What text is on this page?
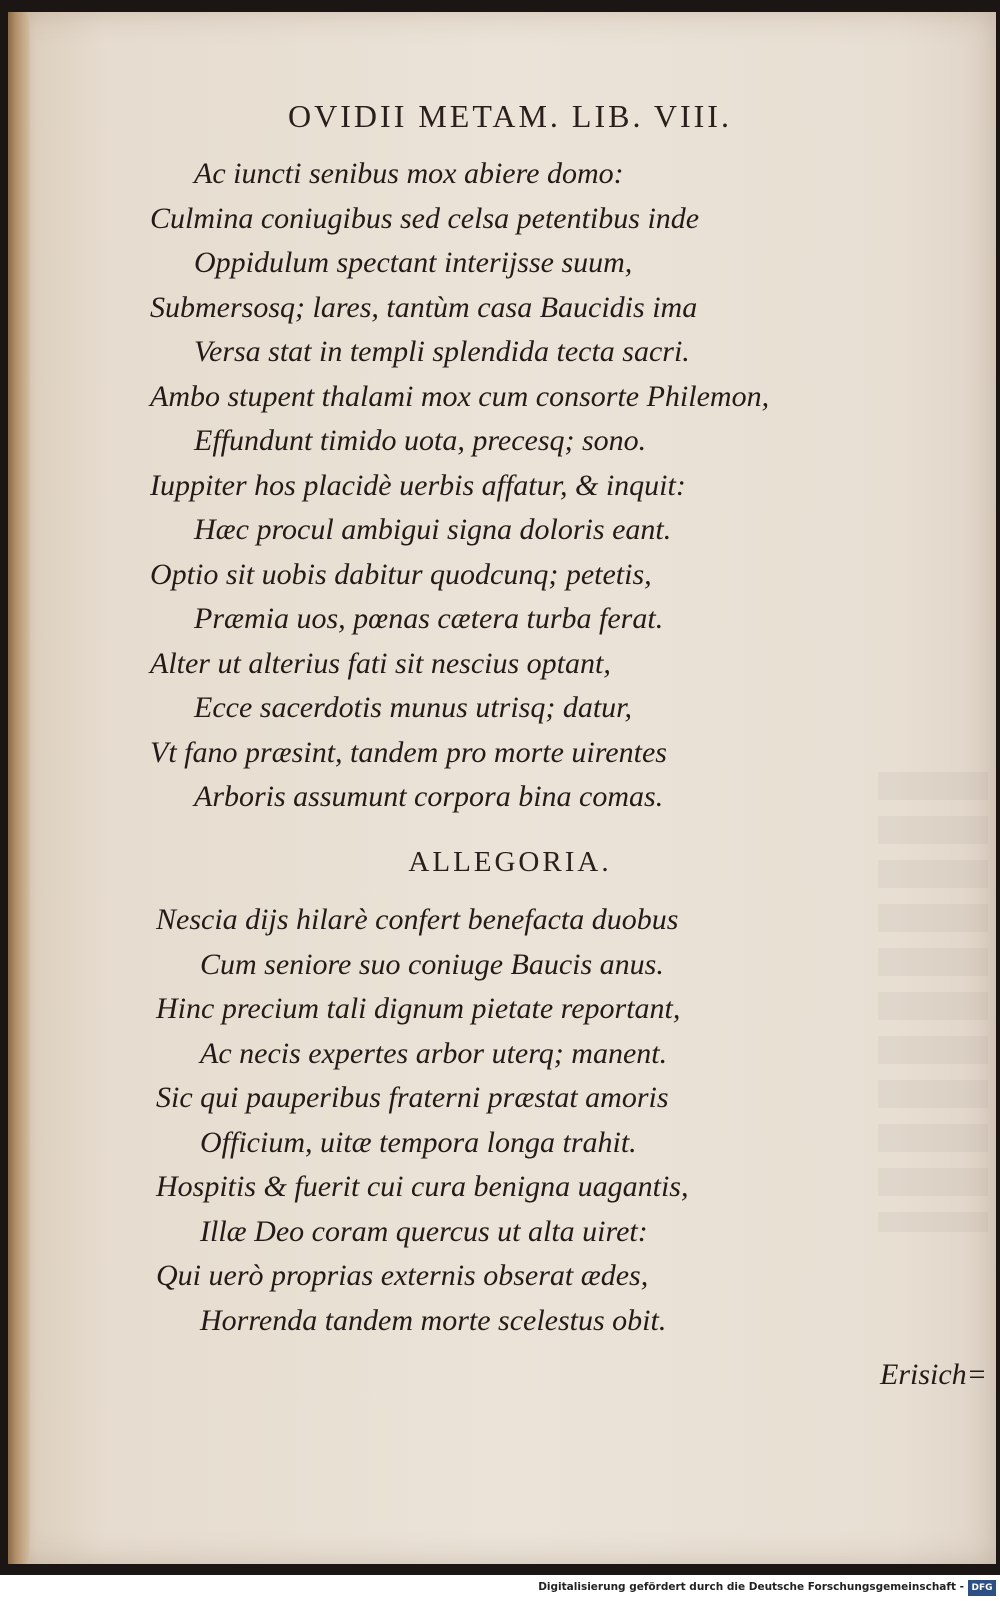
OVIDII METAM. LIB. VIII.
Ac iuncti senibus mox abiere domo:
Culmina coniugibus sed celsa petentibus inde
Oppidulum spectant interijsse suum,
Submersosq; lares, tantùm casa Baucidis ima
Versa stat in templi splendida tecta sacri.
Ambo stupent thalami mox cum consorte Philemon,
Effundunt timido uota, precesq; sono.
Iuppiter hos placidè uerbis affatur, & inquit:
Hæc procul ambigui signa doloris eant.
Optio sit uobis dabitur quodcunq; petetis,
Præmia uos, pœnas cætera turba ferat.
Alter ut alterius fati sit nescius optant,
Ecce sacerdotis munus utrisq; datur,
Vt fano præsint, tandem pro morte uirentes
Arboris assumunt corpora bina comas.
ALLEGORIA.
Nescia dijs hilarè confert benefacta duobus
Cum seniore suo coniuge Baucis anus.
Hinc precium tali dignum pietate reportant,
Ac necis expertes arbor uterq; manent.
Sic qui pauperibus fraterni præstat amoris
Officium, uitæ tempora longa trahit.
Hospitis & fuerit cui cura benigna uagantis,
Illæ Deo coram quercus ut alta uiret:
Qui uerò proprias externis obserat ædes,
Horrenda tandem morte scelestus obit.
Erisich=
Digitalisierung gefördert durch die Deutsche Forschungsgemeinschaft - DFG
